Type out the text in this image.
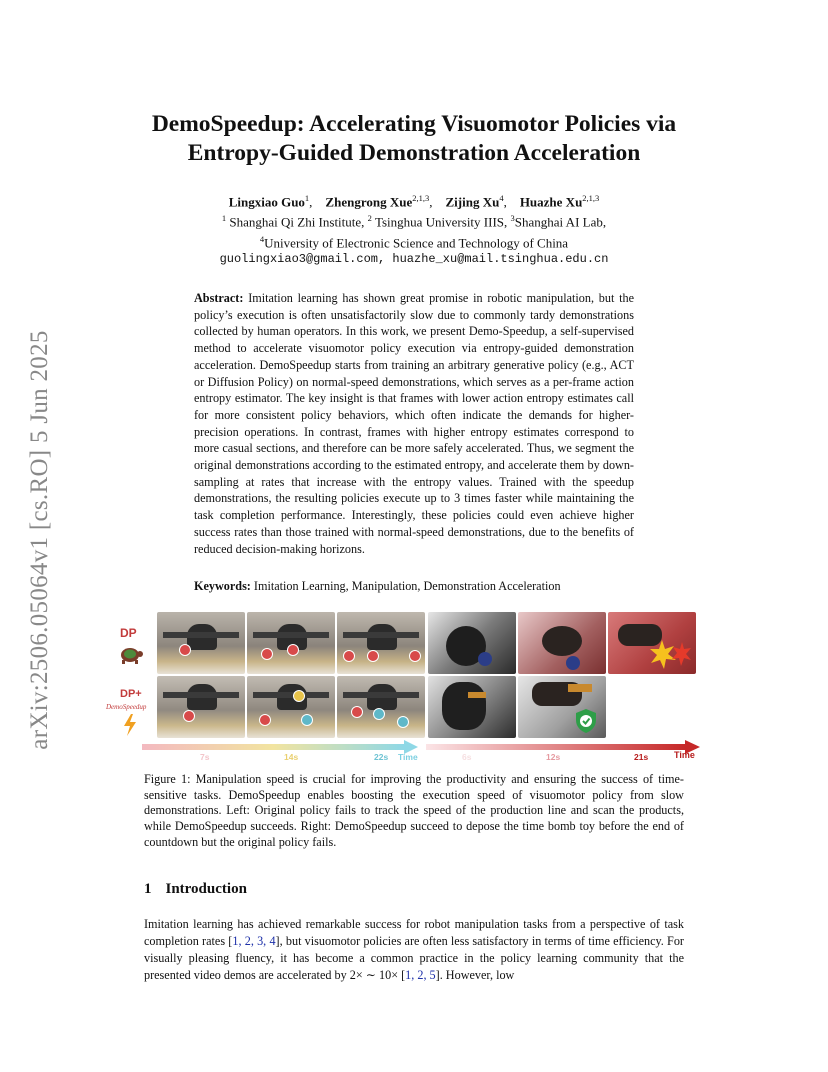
arXiv:2506.05064v1 [cs.RO] 5 Jun 2025
DemoSpeedup: Accelerating Visuomotor Policies via
Entropy-Guided Demonstration Acceleration
Lingxiao Guo$^1$,    Zhengrong Xue$^{2,1,3}$,    Zijing Xu$^4$,    Huazhe Xu$^{2,1,3}$
$^1$ Shanghai Qi Zhi Institute, $^2$ Tsinghua University IIIS, $^3$Shanghai AI Lab,
$^4$University of Electronic Science and Technology of China
guolingxiao3@gmail.com, huazhe_xu@mail.tsinghua.edu.cn
Abstract: Imitation learning has shown great promise in robotic manipulation, but the policy’s execution is often unsatisfactorily slow due to commonly tardy demonstrations collected by human operators. In this work, we present Demo-Speedup, a self-supervised method to accelerate visuomotor policy execution via entropy-guided demonstration acceleration. DemoSpeedup starts from training an arbitrary generative policy (e.g., ACT or Diffusion Policy) on normal-speed demonstrations, which serves as a per-frame action entropy estimator. The key insight is that frames with lower action entropy estimates call for more consistent policy behaviors, which often indicate the demands for higher-precision operations. In contrast, frames with higher entropy estimates correspond to more casual sections, and therefore can be more safely accelerated. Thus, we segment the original demonstrations according to the estimated entropy, and accelerate them by down-sampling at rates that increase with the entropy values. Trained with the speedup demonstrations, the resulting policies execute up to 3 times faster while maintaining the task completion performance. Interestingly, these policies could even achieve higher success rates than those trained with normal-speed demonstrations, due to the benefits of reduced decision-making horizons.
Keywords: Imitation Learning, Manipulation, Demonstration Acceleration
DP
DP+
DemoSpeedup
7s	14s	22s Time	6s	12s	21s	Time
Figure 1: Manipulation speed is crucial for improving the productivity and ensuring the success of time-sensitive tasks. DemoSpeedup enables boosting the execution speed of visuomotor policy from slow demonstrations. Left: Original policy fails to track the speed of the production line and scan the products, while DemoSpeedup succeeds. Right: DemoSpeedup succeed to depose the time bomb toy before the end of countdown but the original policy fails.
1 Introduction
Imitation learning has achieved remarkable success for robot manipulation tasks from a perspective of task completion rates [1, 2, 3, 4], but visuomotor policies are often less satisfactory in terms of time efficiency. For visually pleasing fluency, it has become a common practice in the policy learning community that the presented video demos are accelerated by 2× ∼ 10× [1, 2, 5]. However, low
